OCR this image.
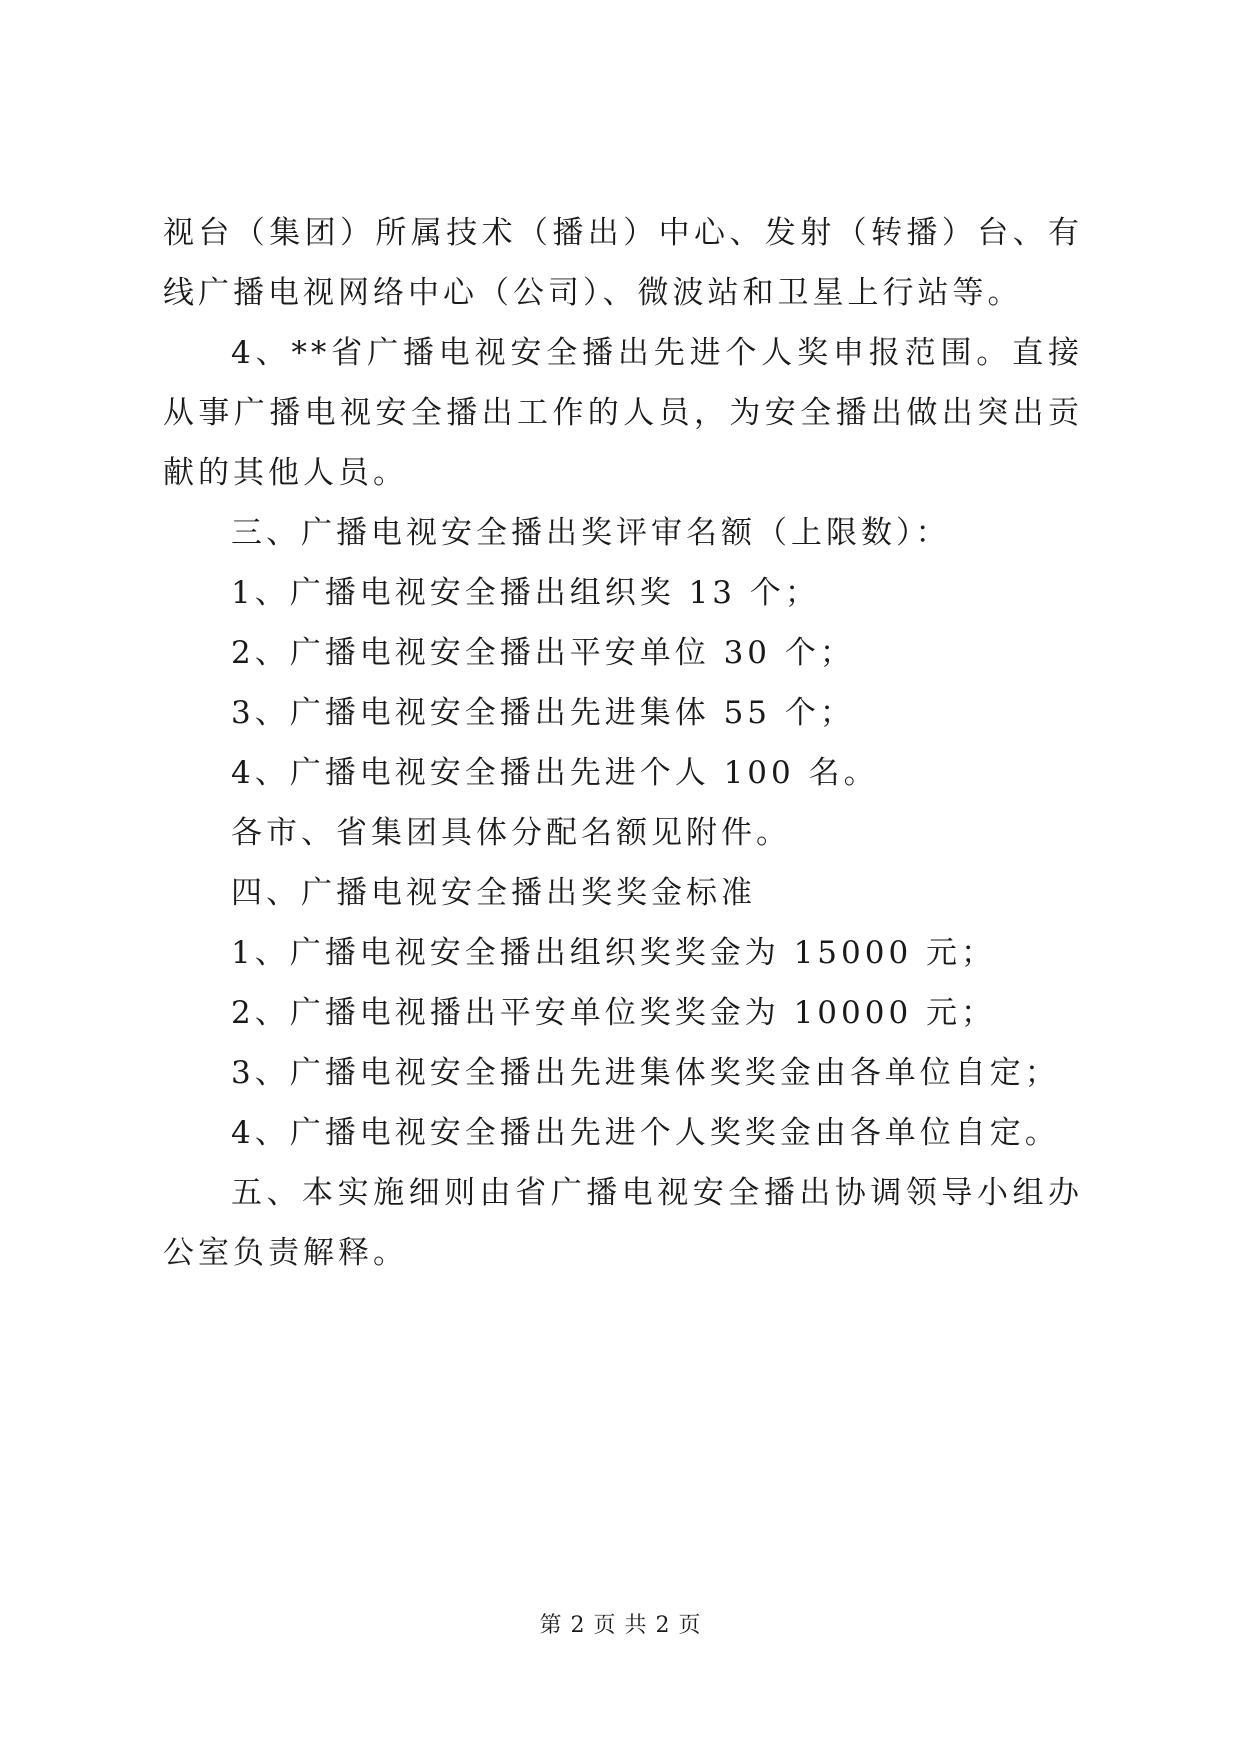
视台（集团）所属技术（播出）中心、发射（转播）台、有线广播电视网络中心（公司）、微波站和卫星上行站等。

4、**省广播电视安全播出先进个人奖申报范围。直接从事广播电视安全播出工作的人员，为安全播出做出突出贡献的其他人员。

三、广播电视安全播出奖评审名额（上限数）：

1、广播电视安全播出组织奖 13 个；

2、广播电视安全播出平安单位 30 个；

3、广播电视安全播出先进集体 55 个；

4、广播电视安全播出先进个人 100 名。

各市、省集团具体分配名额见附件。

四、广播电视安全播出奖奖金标准

1、广播电视安全播出组织奖奖金为 15000 元；

2、广播电视播出平安单位奖奖金为 10000 元；

3、广播电视安全播出先进集体奖奖金由各单位自定；

4、广播电视安全播出先进个人奖奖金由各单位自定。

五、本实施细则由省广播电视安全播出协调领导小组办公室负责解释。

第 2 页 共 2 页
